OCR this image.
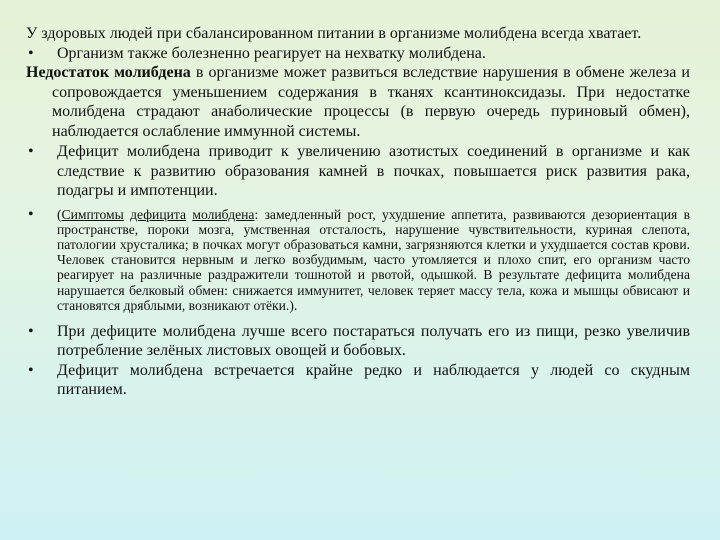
У здоровых людей при сбалансированном питании в организме молибдена всегда хватает.

• Организм также болезненно реагирует на нехватку молибдена.

Недостаток молибдена в организме может развиться вследствие нарушения в обмене железа и сопровождается уменьшением содержания в тканях ксантиноксидазы. При недостатке молибдена страдают анаболические процессы (в первую очередь пуриновый обмен), наблюдается ослабление иммунной системы.

• Дефицит молибдена приводит к увеличению азотистых соединений в организме и как следствие к развитию образования камней в почках, повышается риск развития рака, подагры и импотенции.

• (Симптомы дефицита молибдена: замедленный рост, ухудшение аппетита, развиваются дезориентация в пространстве, пороки мозга, умственная отсталость, нарушение чувствительности, куриная слепота, патологии хрусталика; в почках могут образоваться камни, загрязняются клетки и ухудшается состав крови. Человек становится нервным и легко возбудимым, часто утомляется и плохо спит, его организм часто реагирует на различные раздражители тошнотой и рвотой, одышкой. В результате дефицита молибдена нарушается белковый обмен: снижается иммунитет, человек теряет массу тела, кожа и мышцы обвисают и становятся дряблыми, возникают отёки.).

• При дефиците молибдена лучше всего постараться получать его из пищи, резко увеличив потребление зелёных листовых овощей и бобовых.

• Дефицит молибдена встречается крайне редко и наблюдается у людей со скудным питанием.
